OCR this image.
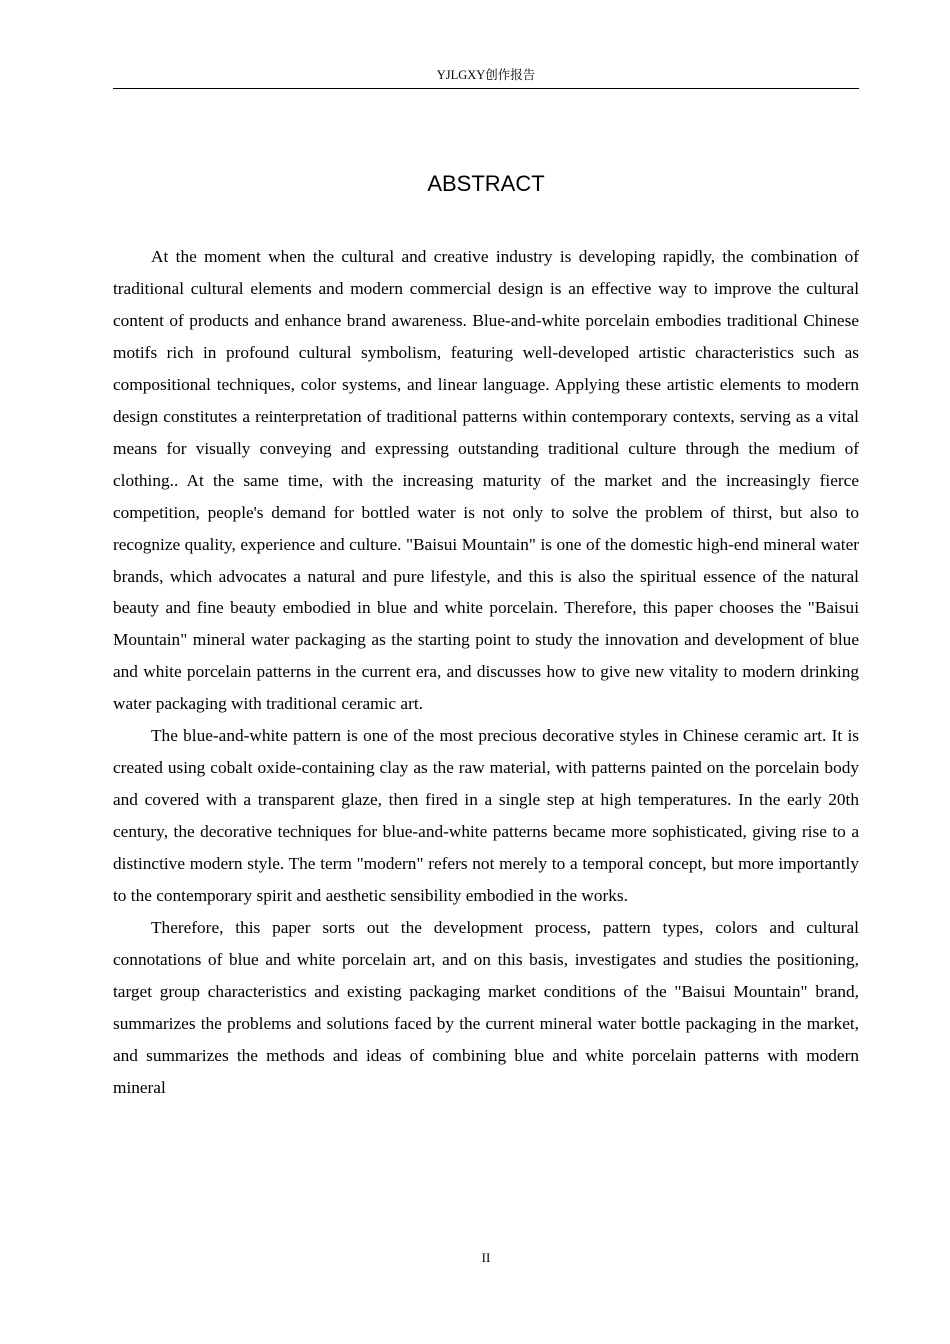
YJLGXY创作报告
ABSTRACT

At the moment when the cultural and creative industry is developing rapidly, the combination of traditional cultural elements and modern commercial design is an effective way to improve the cultural content of products and enhance brand awareness. Blue-and-white porcelain embodies traditional Chinese motifs rich in profound cultural symbolism, featuring well-developed artistic characteristics such as compositional techniques, color systems, and linear language. Applying these artistic elements to modern design constitutes a reinterpretation of traditional patterns within contemporary contexts, serving as a vital means for visually conveying and expressing outstanding traditional culture through the medium of clothing.. At the same time, with the increasing maturity of the market and the increasingly fierce competition, people's demand for bottled water is not only to solve the problem of thirst, but also to recognize quality, experience and culture. "Baisui Mountain" is one of the domestic high-end mineral water brands, which advocates a natural and pure lifestyle, and this is also the spiritual essence of the natural beauty and fine beauty embodied in blue and white porcelain. Therefore, this paper chooses the "Baisui Mountain" mineral water packaging as the starting point to study the innovation and development of blue and white porcelain patterns in the current era, and discusses how to give new vitality to modern drinking water packaging with traditional ceramic art.

The blue-and-white pattern is one of the most precious decorative styles in Chinese ceramic art. It is created using cobalt oxide-containing clay as the raw material, with patterns painted on the porcelain body and covered with a transparent glaze, then fired in a single step at high temperatures. In the early 20th century, the decorative techniques for blue-and-white patterns became more sophisticated, giving rise to a distinctive modern style. The term "modern" refers not merely to a temporal concept, but more importantly to the contemporary spirit and aesthetic sensibility embodied in the works.

Therefore, this paper sorts out the development process, pattern types, colors and cultural connotations of blue and white porcelain art, and on this basis, investigates and studies the positioning, target group characteristics and existing packaging market conditions of the "Baisui Mountain" brand, summarizes the problems and solutions faced by the current mineral water bottle packaging in the market, and summarizes the methods and ideas of combining blue and white porcelain patterns with modern mineral

II
